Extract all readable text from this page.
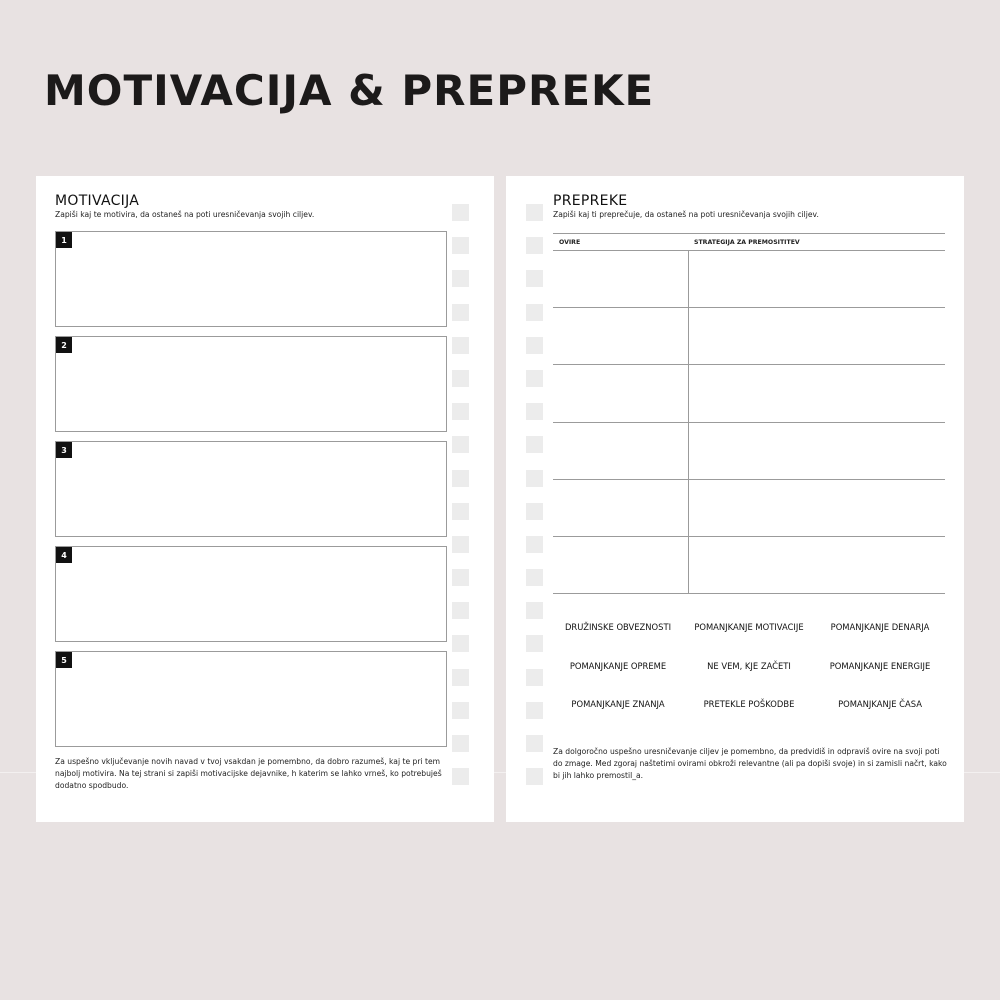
MOTIVACIJA & PREPREKE
MOTIVACIJA
Zapiši kaj te motivira, da ostaneš na poti uresničevanja svojih ciljev.
1
2
3
4
5
Za uspešno vključevanje novih navad v tvoj vsakdan je pomembno, da dobro razumeš, kaj te pri tem najbolj motivira. Na tej strani si zapiši motivacijske dejavnike, h katerim se lahko vrneš, ko potrebuješ dodatno spodbudo.
PREPREKE
Zapiši kaj ti preprečuje, da ostaneš na poti uresničevanja svojih ciljev.
OVIRE	STRATEGIJA ZA PREMOSITITEV
DRUŽINSKE OBVEZNOSTI	POMANJKANJE MOTIVACIJE	POMANJKANJE DENARJA
POMANJKANJE OPREME	NE VEM, KJE ZAČETI	POMANJKANJE ENERGIJE
POMANJKANJE ZNANJA	PRETEKLE POŠKODBE	POMANJKANJE ČASA
Za dolgoročno uspešno uresničevanje ciljev je pomembno, da predvidiš in odpraviš ovire na svoji poti do zmage. Med zgoraj naštetimi ovirami obkroži relevantne (ali pa dopiši svoje) in si zamisli načrt, kako bi jih lahko premostil_a.
